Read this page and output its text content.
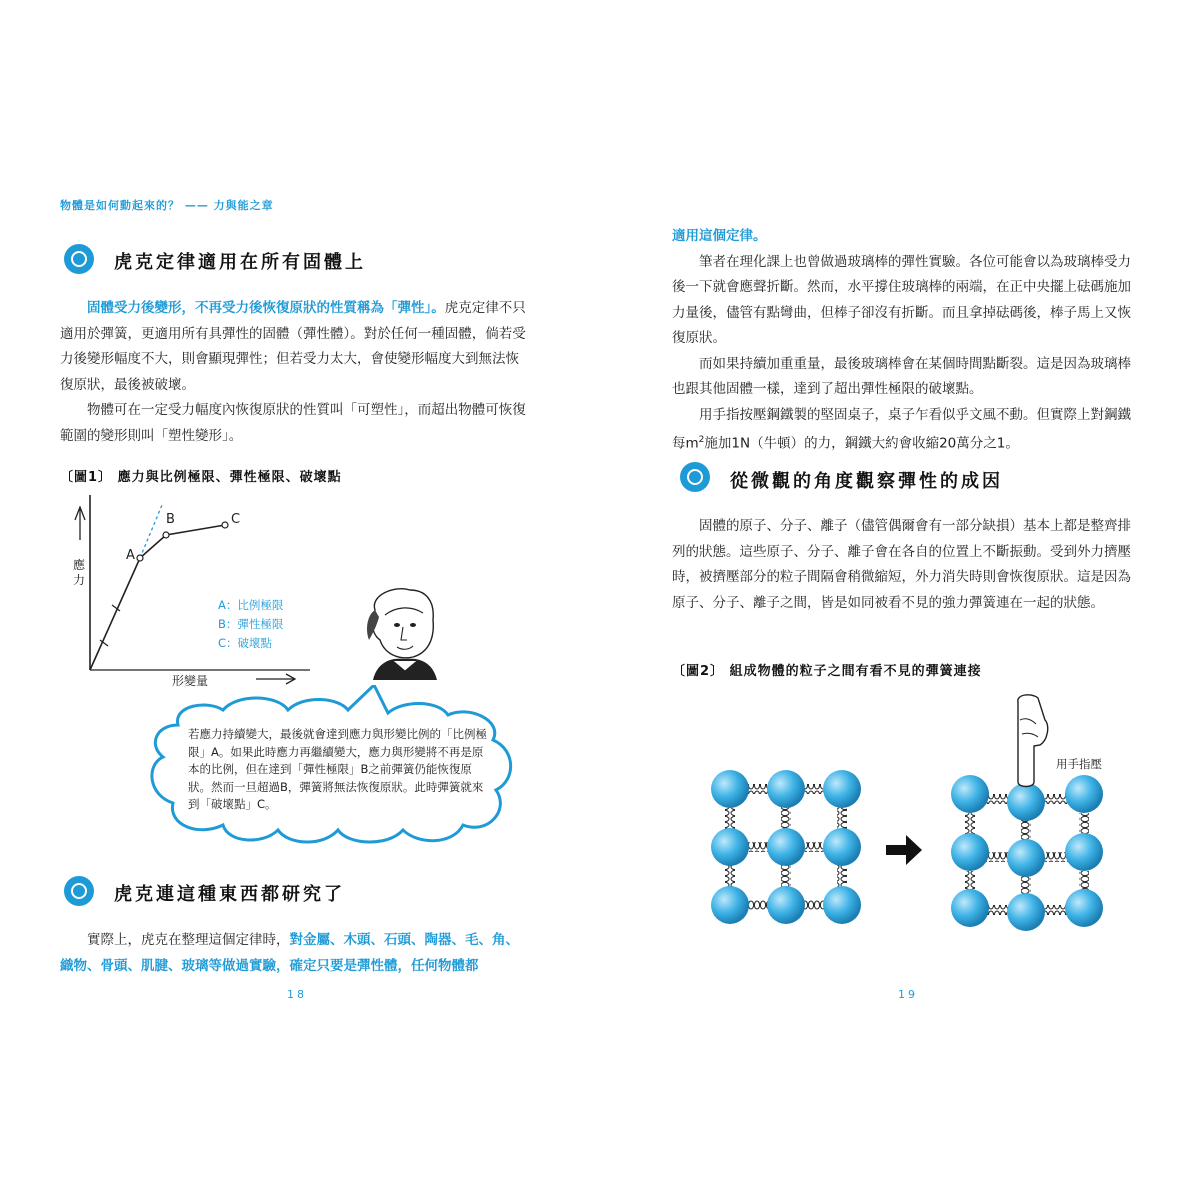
物體是如何動起來的？ —— 力與能之章
虎克定律適用在所有固體上

固體受力後變形，不再受力後恢復原狀的性質稱為「彈性」。虎克定律不只適用於彈簧，更適用所有具彈性的固體（彈性體）。對於任何一種固體，倘若受力後變形幅度不大，則會顯現彈性；但若受力太大，會使變形幅度大到無法恢復原狀，最後被破壞。

物體可在一定受力幅度內恢復原狀的性質叫「可塑性」，而超出物體可恢復範圍的變形則叫「塑性變形」。

〔圖1〕 應力與比例極限、彈性極限、破壞點
A
B	C
應力
形變量
A：比例極限
B：彈性極限
C：破壞點
若應力持續變大，最後就會達到應力與形變比例的「比例極限」A。如果此時應力再繼續變大，應力與形變將不再是原本的比例，但在達到「彈性極限」B之前彈簧仍能恢復原狀。然而一旦超過B，彈簧將無法恢復原狀。此時彈簧就來到「破壞點」C。
虎克連這種東西都研究了

實際上，虎克在整理這個定律時，對金屬、木頭、石頭、陶器、毛、角、織物、骨頭、肌腱、玻璃等做過實驗，確定只要是彈性體，任何物體都

18
適用這個定律。

筆者在理化課上也曾做過玻璃棒的彈性實驗。各位可能會以為玻璃棒受力後一下就會應聲折斷。然而，水平撐住玻璃棒的兩端，在正中央擺上砝碼施加力量後，儘管有點彎曲，但棒子卻沒有折斷。而且拿掉砝碼後，棒子馬上又恢復原狀。

而如果持續加重重量，最後玻璃棒會在某個時間點斷裂。這是因為玻璃棒也跟其他固體一樣，達到了超出彈性極限的破壞點。

用手指按壓鋼鐵製的堅固桌子，桌子乍看似乎文風不動。但實際上對鋼鐵每$m^2$施加1N（牛頓）的力，鋼鐵大約會收縮20萬分之1。

從微觀的角度觀察彈性的成因

固體的原子、分子、離子（儘管偶爾會有一部分缺損）基本上都是整齊排列的狀態。這些原子、分子、離子會在各自的位置上不斷振動。受到外力擠壓時，被擠壓部分的粒子間隔會稍微縮短，外力消失時則會恢復原狀。這是因為原子、分子、離子之間，皆是如同被看不見的強力彈簧連在一起的狀態。

〔圖2〕 組成物體的粒子之間有看不見的彈簧連接
用手指壓
19
